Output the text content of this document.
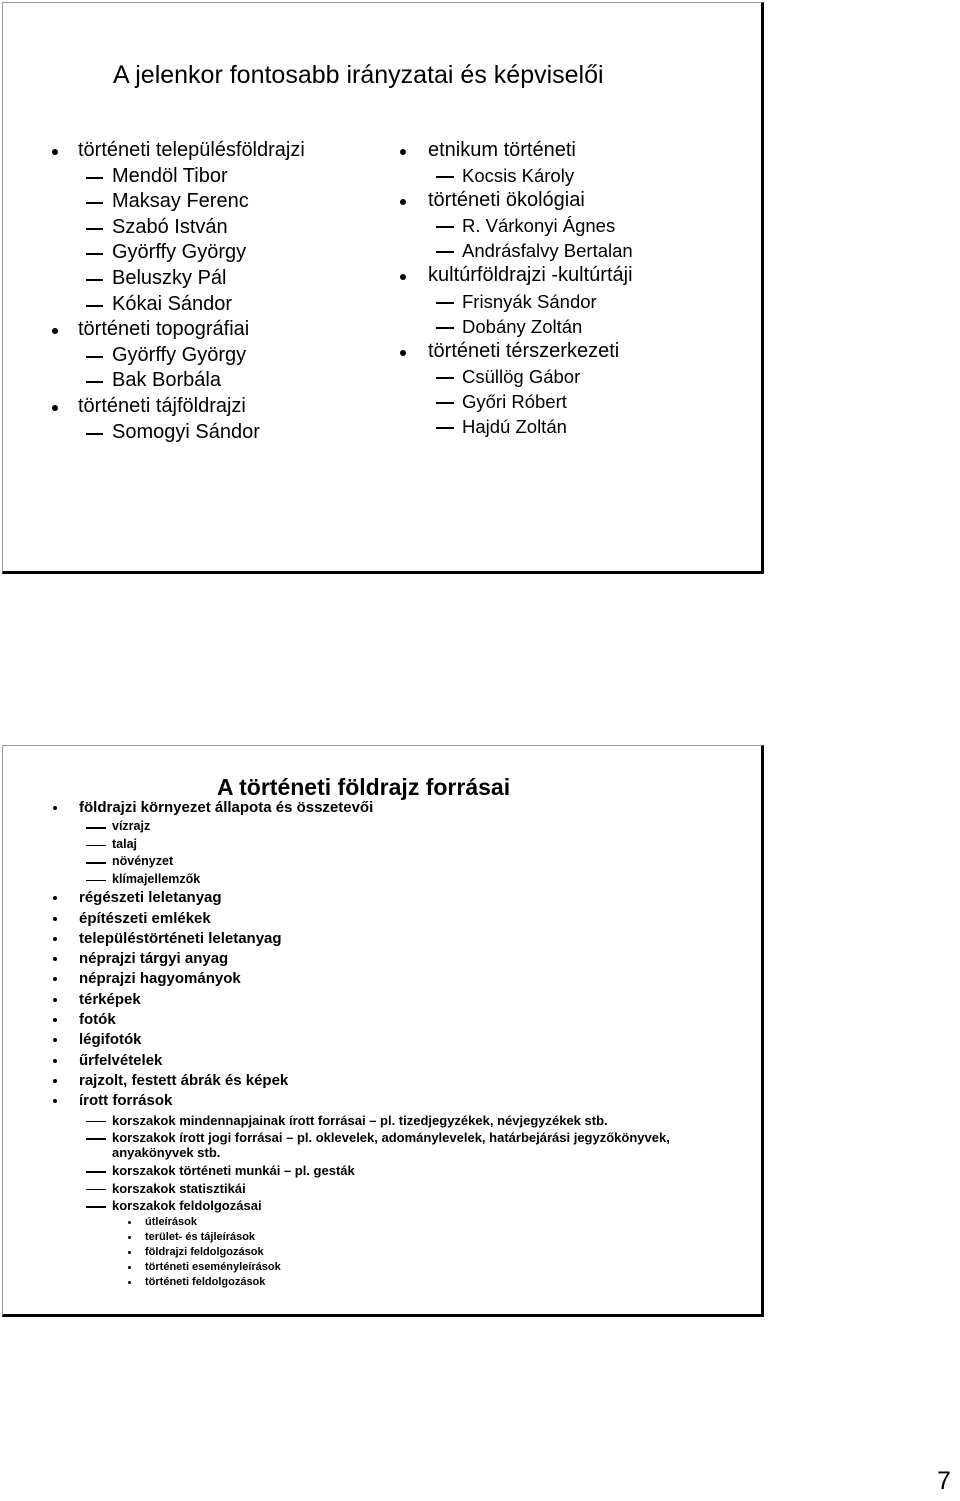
A jelenkor fontosabb irányzatai és képviselői
történeti településföldrajzi
Mendöl Tibor
Maksay Ferenc
Szabó István
Györffy György
Beluszky Pál
Kókai Sándor
történeti topográfiai
Györffy György
Bak Borbála
történeti tájföldrajzi
Somogyi Sándor
etnikum történeti
Kocsis Károly
történeti ökológiai
R. Várkonyi Ágnes
Andrásfalvy Bertalan
kultúrföldrajzi -kultúrtáji
Frisnyák Sándor
Dobány Zoltán
történeti térszerkezeti
Csüllög Gábor
Győri Róbert
Hajdú Zoltán
A történeti földrajz forrásai
földrajzi környezet állapota és összetevői
vízrajz
talaj
növényzet
klímajellemzők
régészeti leletanyag
építészeti emlékek
településtörténeti leletanyag
néprajzi tárgyi anyag
néprajzi hagyományok
térképek
fotók
légifotók
űrfelvételek
rajzolt, festett ábrák és képek
írott források
korszakok mindennapjainak írott forrásai – pl. tizedjegyzékek, névjegyzékek stb.
korszakok írott jogi forrásai – pl. oklevelek, adománylevelek, határbejárási jegyzőkönyvek, anyakönyvek stb.
korszakok történeti munkái – pl. gesták
korszakok statisztikái
korszakok feldolgozásai
útleírások
terület- és tájleírások
földrajzi feldolgozások
történeti eseményleírások
történeti feldolgozások
7
